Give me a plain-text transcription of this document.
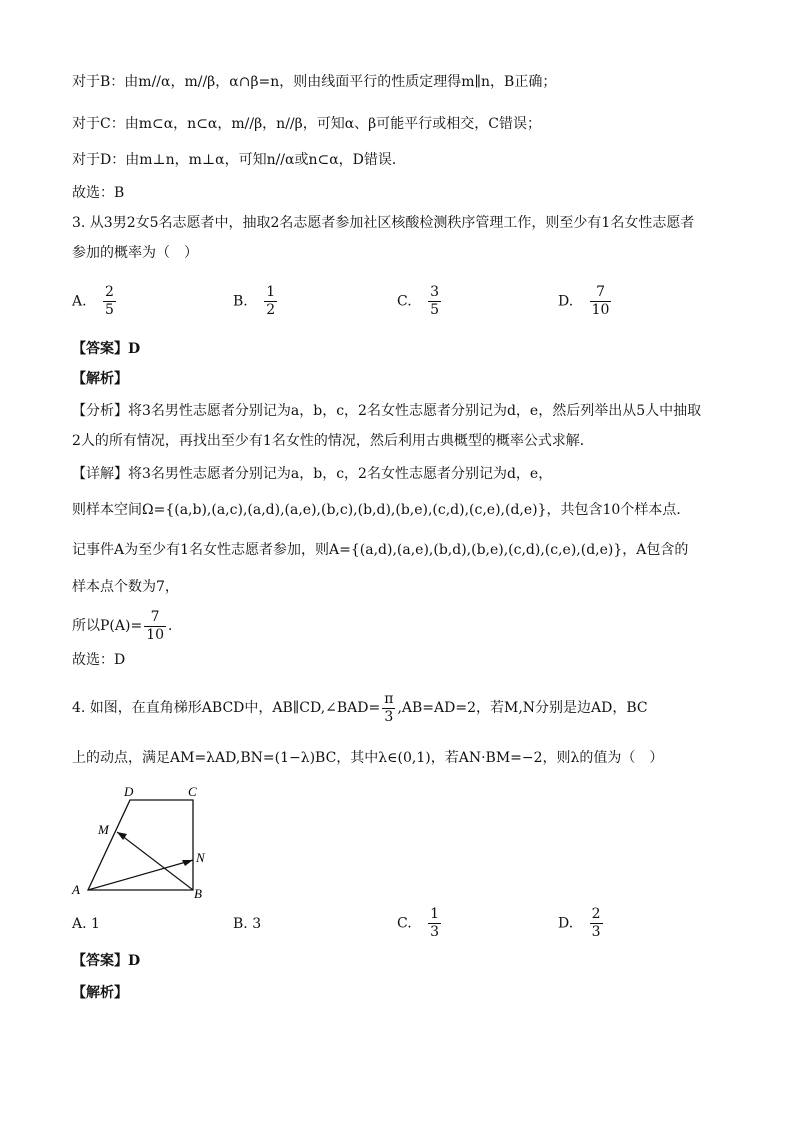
对于B：由m//α，m//β，α∩β=n，则由线面平行的性质定理得m∥n，B正确；
对于C：由m⊂α，n⊂α，m//β，n//β，可知α、β可能平行或相交，C错误；
对于D：由m⊥n，m⊥α，可知n//α或n⊂α，D错误．
故选：B
3. 从3男2女5名志愿者中，抽取2名志愿者参加社区核酸检测秩序管理工作，则至少有1名女性志愿者
参加的概率为（　）
A. $\frac{2}{5}$	B. $\frac{1}{2}$	C. $\frac{3}{5}$	D. $\frac{7}{10}$
【答案】D
【解析】
【分析】将3名男性志愿者分别记为a，b，c，2名女性志愿者分别记为d，e，然后列举出从5人中抽取
2人的所有情况，再找出至少有1名女性的情况，然后利用古典概型的概率公式求解．
【详解】将3名男性志愿者分别记为a，b，c，2名女性志愿者分别记为d，e，
则样本空间Ω={(a,b),(a,c),(a,d),(a,e),(b,c),(b,d),(b,e),(c,d),(c,e),(d,e)}，共包含10个样本点．
记事件A为至少有1名女性志愿者参加，则A={(a,d),(a,e),(b,d),(b,e),(c,d),(c,e),(d,e)}，A包含的
样本点个数为7，
所以$P(A)= \frac{7}{10}$ ．
故选：D
4. 如图，在直角梯形ABCD中，AB∥CD,∠BAD= $\frac{\pi}{3} ,AB=AD=2$，若M,N分别是边AD，BC
上的动点，满足AM=λAD,BN=(1−λ)BC，其中λ∈(0,1)，若AN·BM=−2，则λ的值为（　）
D	C
M
N
A	B
A. 1	B. 3	C. $\frac{1}{3}$	D. $\frac{2}{3}$
【答案】D
【解析】
